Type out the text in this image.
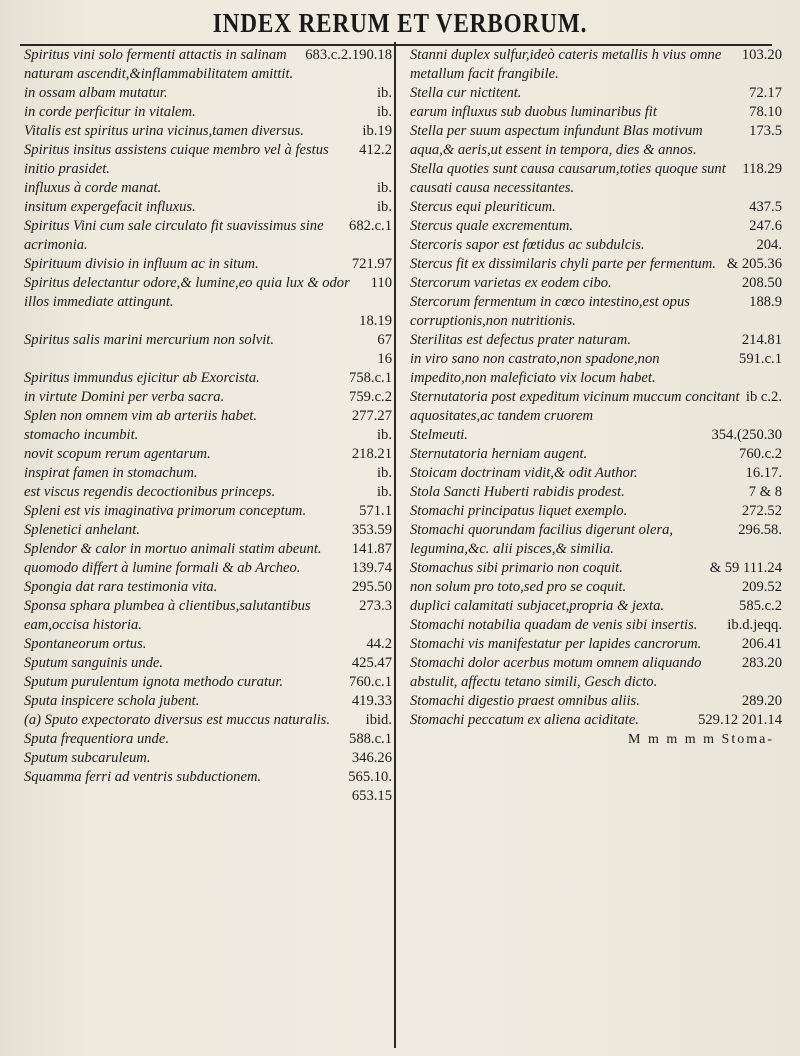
INDEX RERUM ET VERBORUM.

683.c.2.190.18
Spiritus vini solo fermenti attactis in salinam naturam ascendit,&inflammabilitatem amittit.

ib.
in ossam albam mutatur.

ib.
in corde perficitur in vitalem.

ib.19
Vitalis est spiritus urina vicinus,tamen diversus.

412.2
Spiritus insitus assistens cuique membro vel à festus initio prasidet.

ib.
influxus à corde manat.

ib.
insitum expergefacit influxus.

682.c.1
Spiritus Vini cum sale circulato fit suavissimus sine acrimonia.

721.97
Spirituum divisio in influum ac in situm.

110
Spiritus delectantur odore,& lumine,eo quia lux & odor illos immediate attingunt.

18.19

67
Spiritus salis marini mercurium non solvit.

16

758.c.1
Spiritus immundus ejicitur ab Exorcista.

759.c.2
in virtute Domini per verba sacra.

277.27
Splen non omnem vim ab arteriis habet.

ib.
stomacho incumbit.

218.21
novit scopum rerum agentarum.

ib.
inspirat famen in stomachum.

ib.
est viscus regendis decoctionibus princeps.

571.1
Spleni est vis imaginativa primorum conceptum.

353.59
Splenetici anhelant.

141.87
Splendor & calor in mortuo animali statim abeunt.

139.74
quomodo differt à lumine formali & ab Archeo.

295.50
Spongia dat rara testimonia vita.

273.3
Sponsa sphara plumbea à clientibus,salutantibus eam,occisa historia.

44.2
Spontaneorum ortus.

425.47
Sputum sanguinis unde.

760.c.1
Sputum purulentum ignota methodo curatur.

419.33
Sputa inspicere schola jubent.

ibid.
(a) Sputo expectorato diversus est muccus naturalis.

588.c.1
Sputa frequentiora unde.

346.26
Sputum subcaruleum.

565.10.
Squamma ferri ad ventris subductionem.

653.15

103.20
Stanni duplex sulfur,ideò cateris metallis h vius omne metallum facit frangibile.

72.17
Stella cur nictitent.

78.10
earum influxus sub duobus luminaribus fit

173.5
Stella per suum aspectum infundunt Blas motivum aqua,& aeris,ut essent in tempora, dies & annos.

118.29
Stella quoties sunt causa causarum,toties quoque sunt causati causa necessitantes.

437.5
Stercus equi pleuriticum.

247.6
Stercus quale excrementum.

204.
Stercoris sapor est fœtidus ac subdulcis.

& 205.36
Stercus fit ex dissimilaris chyli parte per fermentum.

208.50
Stercorum varietas ex eodem cibo.

188.9
Stercorum fermentum in cœco intestino,est opus corruptionis,non nutritionis.

214.81
Sterilitas est defectus prater naturam.

591.c.1
in viro sano non castrato,non spadone,non impedito,non maleficiato vix locum habet.

ib c.2.
Sternutatoria post expeditum vicinum muccum concitant aquositates,ac tandem cruorem

354.(250.30
Stelmeuti.

760.c.2
Sternutatoria herniam augent.

16.17.
Stoicam doctrinam vidit,& odit Author.

7 & 8
Stola Sancti Huberti rabidis prodest.

272.52
Stomachi principatus liquet exemplo.

296.58.
Stomachi quorundam facilius digerunt olera, legumina,&c. alii pisces,& similia.

& 59 111.24
Stomachus sibi primario non coquit.

209.52
non solum pro toto,sed pro se coquit.

585.c.2
duplici calamitati subjacet,propria & jexta.

ib.d.jeqq.
Stomachi notabilia quadam de venis sibi insertis.

206.41
Stomachi vis manifestatur per lapides cancrorum.

283.20
Stomachi dolor acerbus motum omnem aliquando abstulit, affectu tetano simili, Gesch dicto.

289.20
Stomachi digestio praest omnibus aliis.

529.12 201.14
Stomachi peccatum ex aliena aciditate.

M m m m m Stoma-
